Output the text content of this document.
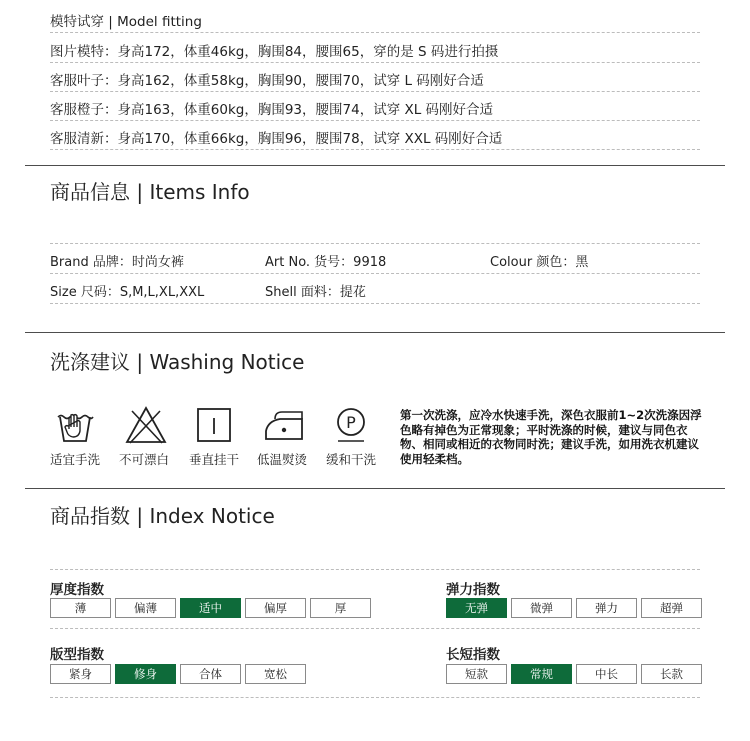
模特试穿 | Model fitting
图片模特：身高172，体重46kg，胸围84，腰围65，穿的是 S 码进行拍摄
客服叶子：身高162，体重58kg，胸围90，腰围70，试穿 L 码刚好合适
客服橙子：身高163，体重60kg，胸围93，腰围74，试穿 XL 码刚好合适
客服清新：身高170，体重66kg，胸围96，腰围78，试穿 XXL 码刚好合适
商品信息 | Items Info
Brand 品牌：时尚女裤	Art No. 货号：9918	Colour 颜色：黑
Size 尺码：S,M,L,XL,XXL	Shell 面料：提花
洗涤建议 | Washing Notice
适宜手洗 不可漂白 垂直挂干 低温熨烫
P
缓和干洗
第一次洗涤，应冷水快速手洗，深色衣服前1~2次洗涤因浮色略有掉色为正常现象；平时洗涤的时候，建议与同色衣物、相同或相近的衣物同时洗；建议手洗，如用洗衣机建议使用轻柔档。
商品指数 | Index Notice
厚度指数	弹力指数
薄	偏薄	适中	偏厚	厚	无弹	微弹	弹力	超弹
版型指数	长短指数
紧身	修身	合体	宽松	短款	常规	中长	长款
